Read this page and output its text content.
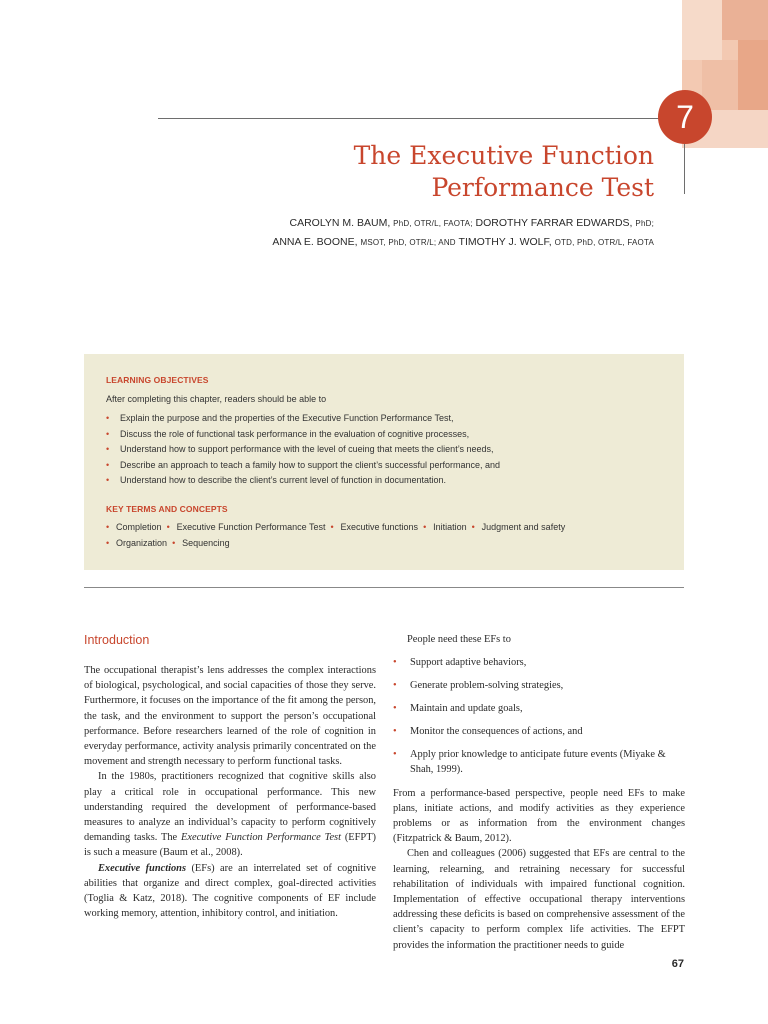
7
The Executive Function
Performance Test
CAROLYN M. BAUM, PhD, OTR/L, FAOTA; DOROTHY FARRAR EDWARDS, PhD;
ANNA E. BOONE, MSOT, PhD, OTR/L; AND TIMOTHY J. WOLF, OTD, PhD, OTR/L, FAOTA
LEARNING OBJECTIVES
After completing this chapter, readers should be able to
• Explain the purpose and the properties of the Executive Function Performance Test,
• Discuss the role of functional task performance in the evaluation of cognitive processes,
• Understand how to support performance with the level of cueing that meets the client’s needs,
• Describe an approach to teach a family how to support the client’s successful performance, and
• Understand how to describe the client’s current level of function in documentation.
KEY TERMS AND CONCEPTS
• Completion • Executive Function Performance Test • Executive functions • Initiation • Judgment and safety
• Organization • Sequencing
Introduction

The occupational therapist’s lens addresses the complex interactions of biological, psychological, and social capacities of those they serve. Furthermore, it focuses on the importance of the fit among the person, the task, and the environment to support the person’s occupational performance. Before researchers learned of the role of cognition in everyday performance, activity analysis primarily concentrated on the movement and strength necessary to perform functional tasks.

In the 1980s, practitioners recognized that cognitive skills also play a critical role in occupational performance. This new understanding required the development of performance-based measures to analyze an individual’s capacity to perform cognitively demanding tasks. The Executive Function Performance Test (EFPT) is such a measure (Baum et al., 2008).

Executive functions (EFs) are an interrelated set of cognitive abilities that organize and direct complex, goal-directed activities (Toglia & Katz, 2018). The cognitive components of EF include working memory, attention, inhibitory control, and initiation.

People need these EFs to

• Support adaptive behaviors,
• Generate problem-solving strategies,
• Maintain and update goals,
• Monitor the consequences of actions, and
• Apply prior knowledge to anticipate future events (Miyake & Shah, 1999).

From a performance-based perspective, people need EFs to make plans, initiate actions, and modify activities as they experience problems or as information from the environment changes (Fitzpatrick & Baum, 2012).

Chen and colleagues (2006) suggested that EFs are central to the learning, relearning, and retraining necessary for successful rehabilitation of individuals with impaired functional cognition. Implementation of effective occupational therapy interventions addressing these deficits is based on comprehensive assessment of the client’s capacity to perform complex life activities. The EFPT provides the information the practitioner needs to guide

67
